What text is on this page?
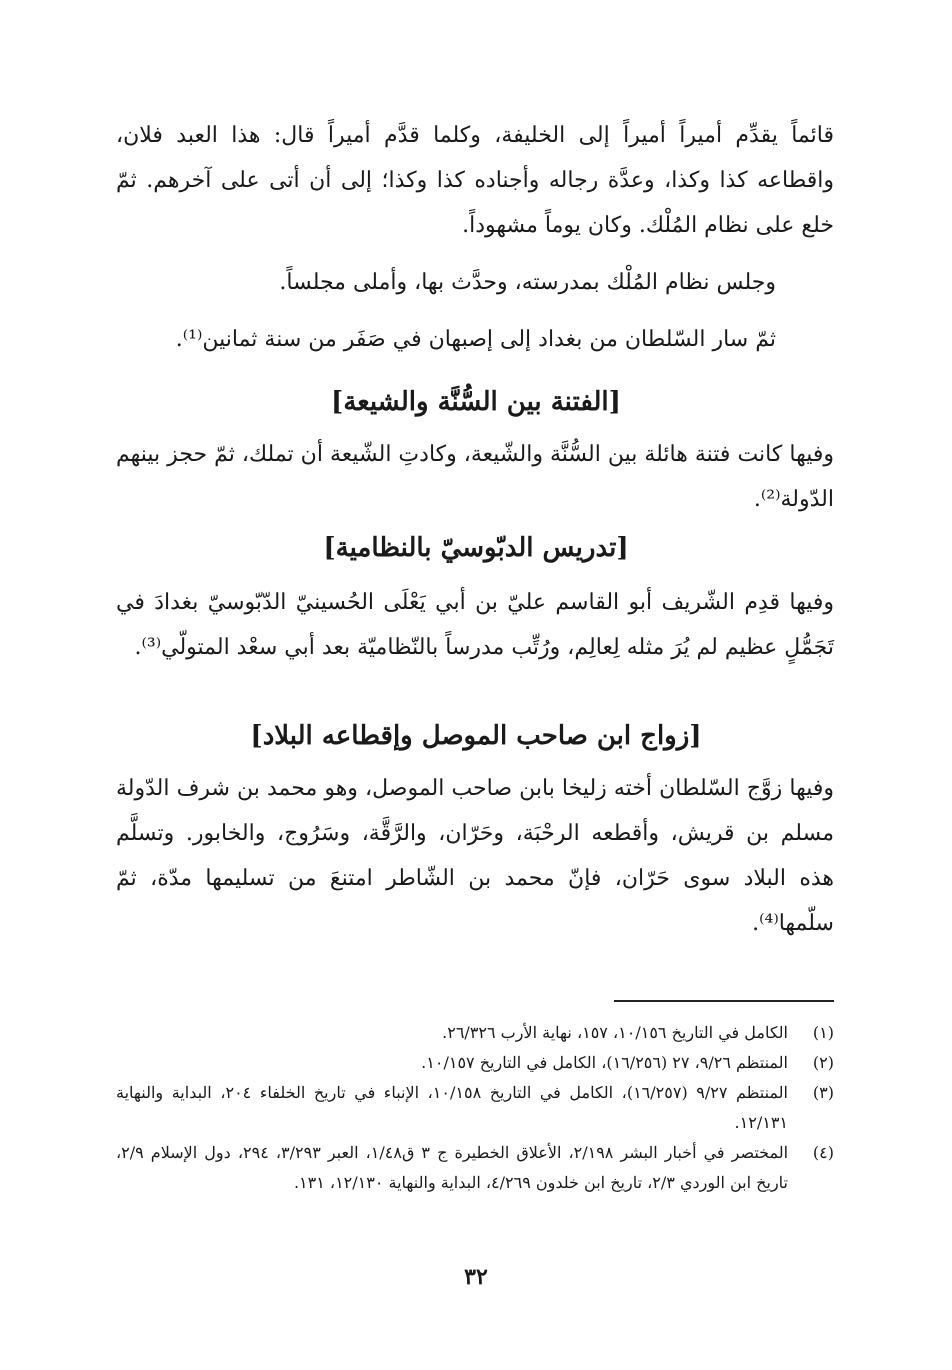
قائماً يقدِّم أميراً أميراً إلى الخليفة، وكلما قدَّم أميراً قال: هذا العبد فلان، واقطاعه كذا وكذا، وعدَّة رجاله وأجناده كذا وكذا؛ إلى أن أتى على آخرهم. ثمّ خلع على نظام المُلْك. وكان يوماً مشهوداً.

وجلس نظام المُلْك بمدرسته، وحدَّث بها، وأملى مجلساً.

ثمّ سار السّلطان من بغداد إلى إصبهان في صَفَر من سنة ثمانين⁽¹⁾.

[الفتنة بين السُّنَّة والشيعة]

وفيها كانت فتنة هائلة بين السُّنَّة والشّيعة، وكادتِ الشّيعة أن تملك، ثمّ حجز بينهم الدّولة⁽²⁾.

[تدريس الدبّوسيّ بالنظامية]

وفيها قدِم الشّريف أبو القاسم عليّ بن أبي يَعْلَى الحُسينيّ الدّبّوسيّ بغدادَ في تَجَمُّلٍ عظيم لم يُرَ مثله لِعالِم، ورُتِّب مدرساً بالنّظاميّة بعد أبي سعْد المتولّي⁽³⁾.

[زواج ابن صاحب الموصل وإقطاعه البلاد]

وفيها زوَّج السّلطان أخته زليخا بابن صاحب الموصل، وهو محمد بن شرف الدّولة مسلم بن قريش، وأقطعه الرحْبَة، وحَرّان، والرَّقَّة، وسَرُوج، والخابور. وتسلَّم هذه البلاد سوى حَرّان، فإنّ محمد بن الشّاطر امتنعَ من تسليمها مدّة، ثمّ سلّمها⁽⁴⁾.

(١)
الكامل في التاريخ ١٠/١٥٦، ١٥٧، نهاية الأرب ٢٦/٣٢٦.
(٢)
المنتظم ٩/٢٦، ٢٧ (١٦/٢٥٦)، الكامل في التاريخ ١٠/١٥٧.
(٣)
المنتظم ٩/٢٧ (١٦/٢٥٧)، الكامل في التاريخ ١٠/١٥٨، الإنباء في تاريخ الخلفاء ٢٠٤، البداية والنهاية ١٢/١٣١.
(٤)
المختصر في أخبار البشر ٢/١٩٨، الأعلاق الخطيرة ج ٣ ق١/٤٨، العبر ٣/٢٩٣، ٢٩٤، دول الإسلام ٢/٩، تاريخ ابن الوردي ٢/٣، تاريخ ابن خلدون ٤/٢٦٩، البداية والنهاية ١٢/١٣٠، ١٣١.
٣٢
